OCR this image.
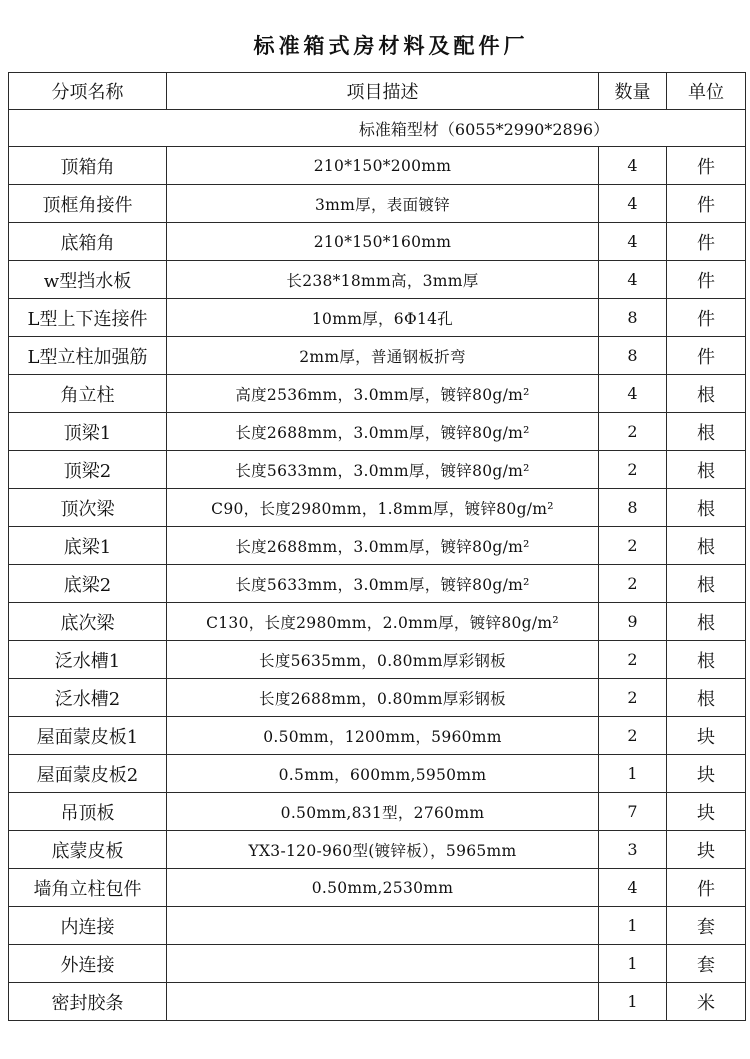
标准箱式房材料及配件厂
分项名称	项目描述	数量	单位
标准箱型材（6055*2990*2896）			
顶箱角	210*150*200mm	4	件
顶框角接件	3mm厚，表面镀锌	4	件
底箱角	210*150*160mm	4	件
w型挡水板	长238*18mm高，3mm厚	4	件
L型上下连接件	10mm厚，6Φ14孔	8	件
L型立柱加强筋	2mm厚，普通钢板折弯	8	件
角立柱	高度2536mm，3.0mm厚，镀锌80g/m²	4	根
顶梁1	长度2688mm，3.0mm厚，镀锌80g/m²	2	根
顶梁2	长度5633mm，3.0mm厚，镀锌80g/m²	2	根
顶次梁	C90，长度2980mm，1.8mm厚，镀锌80g/m²	8	根
底梁1	长度2688mm，3.0mm厚，镀锌80g/m²	2	根
底梁2	长度5633mm，3.0mm厚，镀锌80g/m²	2	根
底次梁	C130，长度2980mm，2.0mm厚，镀锌80g/m²	9	根
泛水槽1	长度5635mm，0.80mm厚彩钢板	2	根
泛水槽2	长度2688mm，0.80mm厚彩钢板	2	根
屋面蒙皮板1	0.50mm，1200mm，5960mm	2	块
屋面蒙皮板2	0.5mm，600mm,5950mm	1	块
吊顶板	0.50mm,831型，2760mm	7	块
底蒙皮板	YX3-120-960型(镀锌板），5965mm	3	块
墙角立柱包件	0.50mm,2530mm	4	件
内连接		1	套
外连接		1	套
密封胶条		1	米
